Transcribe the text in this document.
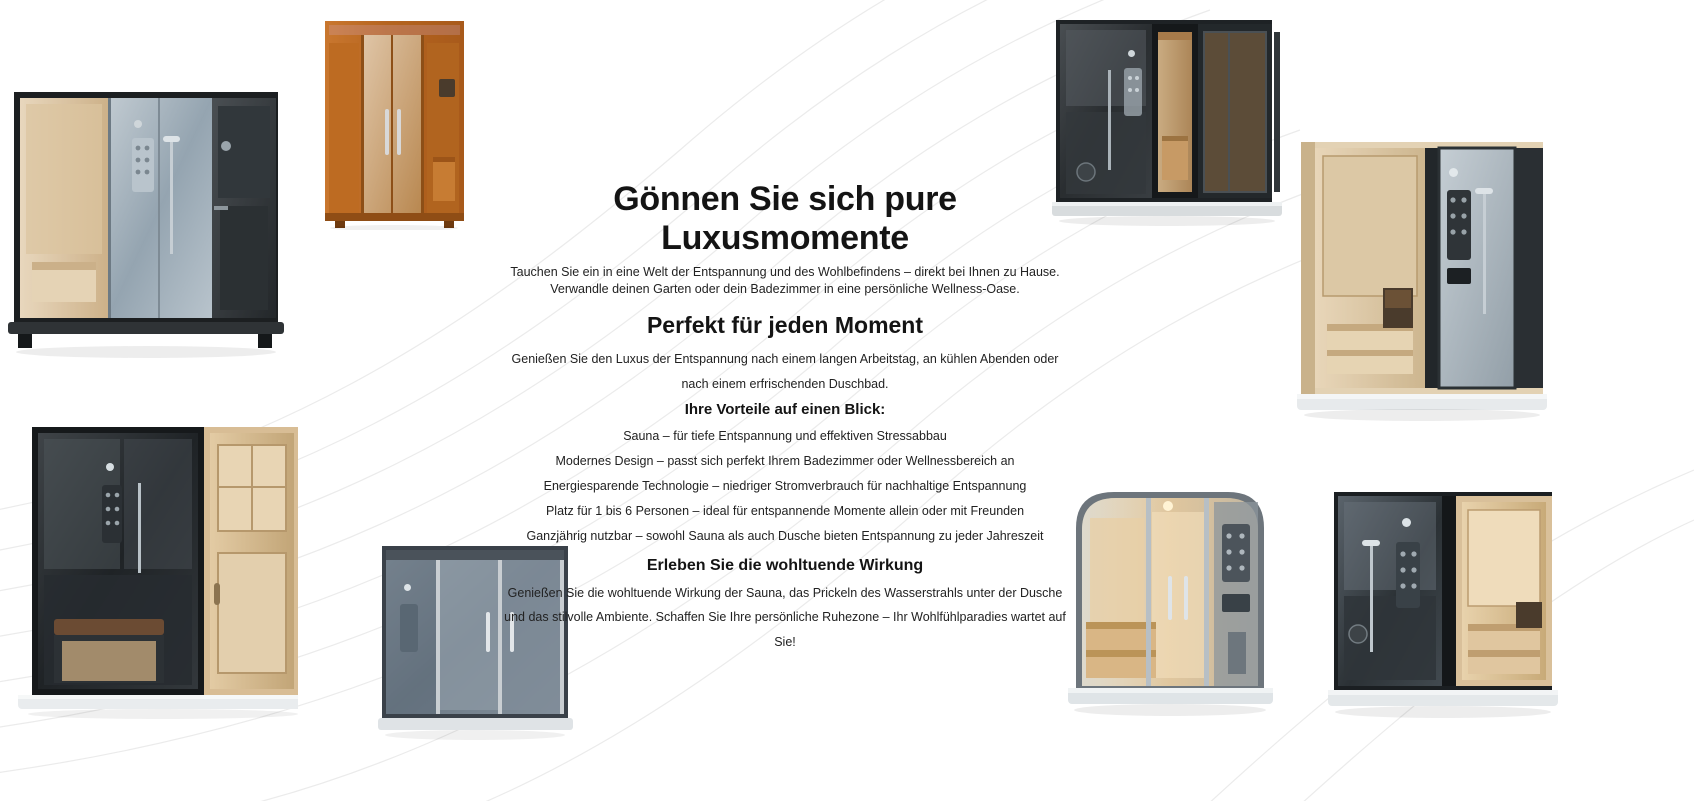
Gönnen Sie sich pure Luxusmomente

Tauchen Sie ein in eine Welt der Entspannung und des Wohlbefindens – direkt bei Ihnen zu Hause. Verwandle deinen Garten oder dein Badezimmer in eine persönliche Wellness-Oase.

Perfekt für jeden Moment

Genießen Sie den Luxus der Entspannung nach einem langen Arbeitstag, an kühlen Abenden oder nach einem erfrischenden Duschbad.

Ihre Vorteile auf einen Blick:
Sauna – für tiefe Entspannung und effektiven Stressabbau
Modernes Design – passt sich perfekt Ihrem Badezimmer oder Wellnessbereich an
Energiesparende Technologie – niedriger Stromverbrauch für nachhaltige Entspannung
Platz für 1 bis 6 Personen – ideal für entspannende Momente allein oder mit Freunden
Ganzjährig nutzbar – sowohl Sauna als auch Dusche bieten Entspannung zu jeder Jahreszeit
Erleben Sie die wohltuende Wirkung

Genießen Sie die wohltuende Wirkung der Sauna, das Prickeln des Wasserstrahls unter der Dusche und das stilvolle Ambiente. Schaffen Sie Ihre persönliche Ruhezone – Ihr Wohlfühlparadies wartet auf Sie!
